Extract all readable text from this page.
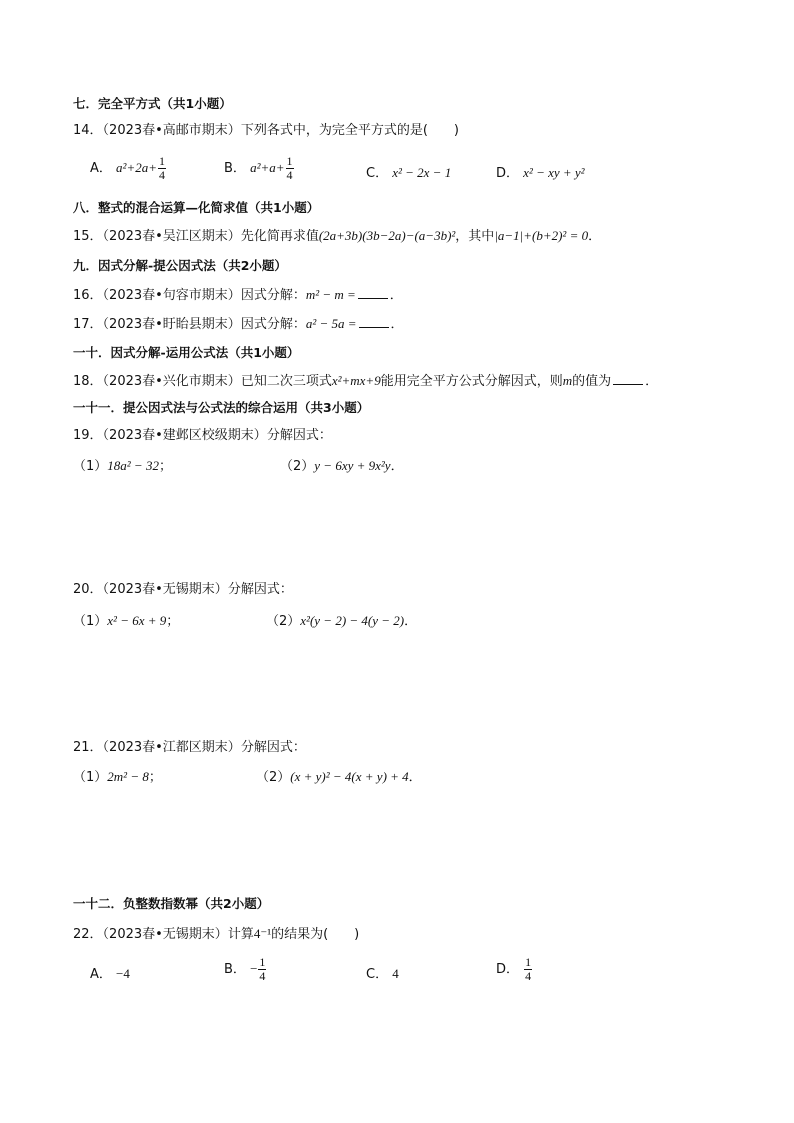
七．完全平方式（共1小题）
14．（2023春•高邮市期末）下列各式中，为完全平方式的是(　　)
A． $a^2+2a+ \frac{1}{4}$	B． $a^2+a+ \frac{1}{4}$	C． x² − 2x − 1	D． x² − xy + y²
八．整式的混合运算—化简求值（共1小题）
15．（2023春•吴江区期末）先化简再求值(2a+3b)(3b−2a)−(a−3b)²，其中|a−1|+(b+2)² = 0．
九．因式分解-提公因式法（共2小题）
16．（2023春•句容市期末）因式分解：m² − m =	．
17．（2023春•盱眙县期末）因式分解：a² − 5a =	．
一十．因式分解-运用公式法（共1小题）
18．（2023春•兴化市期末）已知二次三项式x²+mx+9能用完全平方公式分解因式，则m的值为	．
一十一．提公因式法与公式法的综合运用（共3小题）
19．（2023春•建邺区校级期末）分解因式：
（1）18a² − 32；	（2）y − 6xy + 9x²y．
20．（2023春•无锡期末）分解因式：
（1）x² − 6x + 9；	（2）x²(y − 2) − 4(y − 2)．
21．（2023春•江都区期末）分解因式：
（1）2m² − 8；	（2）(x + y)² − 4(x + y) + 4．
一十二．负整数指数幂（共2小题）
22．（2023春•无锡期末）计算4⁻¹的结果为(　　)
A． −4	B． − $\frac{1}{4}$	C． 4	D． $\frac{1}{4}$
